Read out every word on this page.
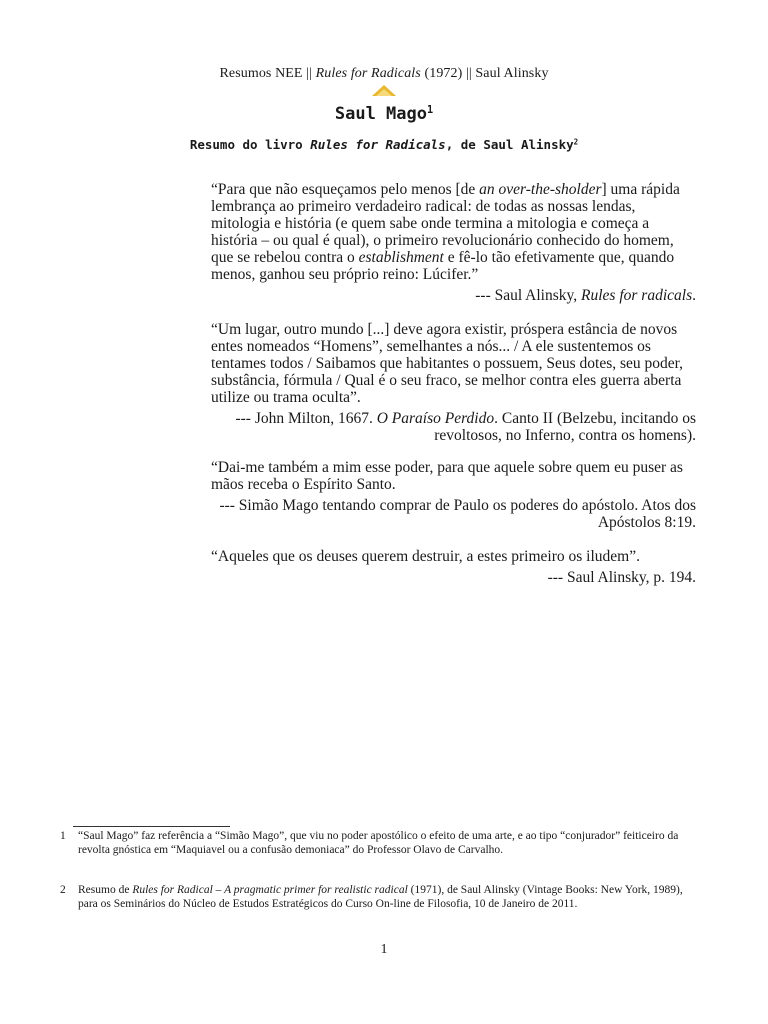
Resumos NEE || Rules for Radicals (1972) || Saul Alinsky
Saul Mago$^1$
Resumo do livro Rules for Radicals, de Saul Alinsky$^2$

“Para que não esqueçamos pelo menos [de an over-the-sholder] uma rápida lembrança ao primeiro verdadeiro radical: de todas as nossas lendas, mitologia e história (e quem sabe onde termina a mitologia e começa a história – ou qual é qual), o primeiro revolucionário conhecido do homem, que se rebelou contra o establishment e fê-lo tão efetivamente que, quando menos, ganhou seu próprio reino: Lúcifer.”

--- Saul Alinsky, Rules for radicals.

“Um lugar, outro mundo [...] deve agora existir, próspera estância de novos entes nomeados “Homens”, semelhantes a nós... / A ele sustentemos os tentames todos / Saibamos que habitantes o possuem, Seus dotes, seu poder, substância, fórmula / Qual é o seu fraco, se melhor contra eles guerra aberta utilize ou trama oculta”.

--- John Milton, 1667. O Paraíso Perdido. Canto II (Belzebu, incitando os revoltosos, no Inferno, contra os homens).

“Dai-me também a mim esse poder, para que aquele sobre quem eu puser as mãos receba o Espírito Santo.

--- Simão Mago tentando comprar de Paulo os poderes do apóstolo. Atos dos Apóstolos 8:19.

“Aqueles que os deuses querem destruir, a estes primeiro os iludem”.

--- Saul Alinsky, p. 194.

1 “Saul Mago” faz referência a “Simão Mago”, que viu no poder apostólico o efeito de uma arte, e ao tipo “conjurador” feiticeiro da revolta gnóstica em “Maquiavel ou a confusão demoniaca” do Professor Olavo de Carvalho.
2 Resumo de Rules for Radical – A pragmatic primer for realistic radical (1971), de Saul Alinsky (Vintage Books: New York, 1989), para os Seminários do Núcleo de Estudos Estratégicos do Curso On-line de Filosofia, 10 de Janeiro de 2011.
1
